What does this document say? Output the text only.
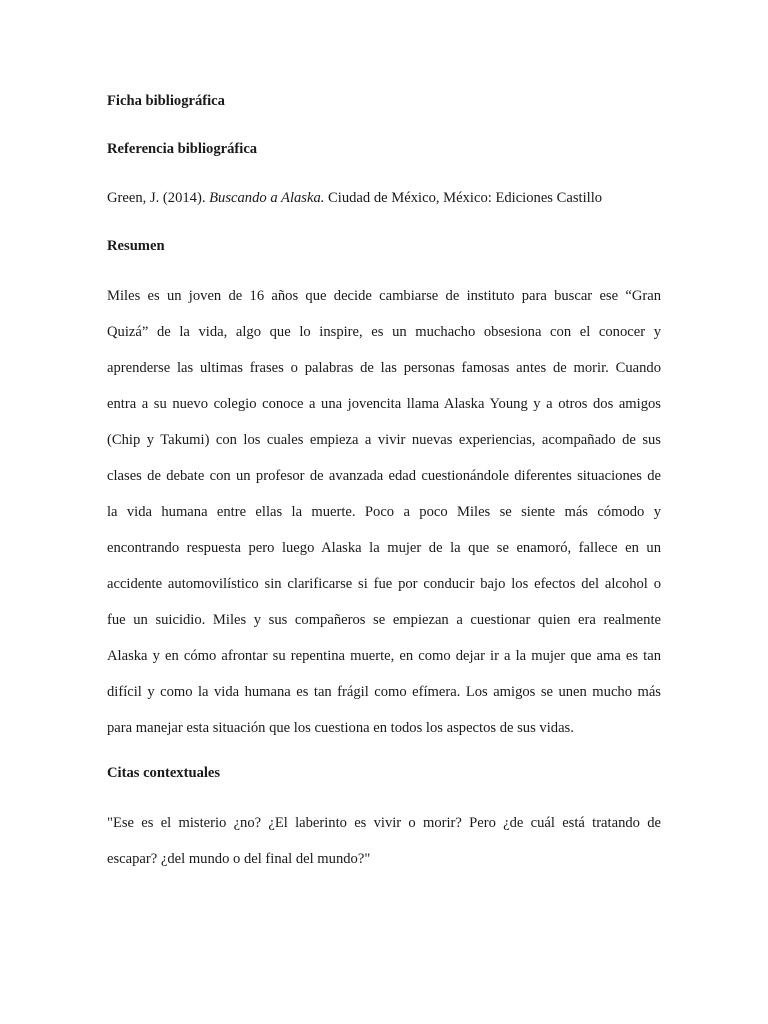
Ficha bibliográfica
Referencia bibliográfica

Green, J. (2014). Buscando a Alaska. Ciudad de México, México: Ediciones Castillo

Resumen
Miles es un joven de 16 años que decide cambiarse de instituto para buscar ese “Gran
Quizá” de la vida, algo que lo inspire, es un muchacho obsesiona con el conocer y
aprenderse las ultimas frases o palabras de las personas famosas antes de morir. Cuando
entra a su nuevo colegio conoce a una jovencita llama Alaska Young y a otros dos amigos
(Chip y Takumi) con los cuales empieza a vivir nuevas experiencias, acompañado de sus
clases de debate con un profesor de avanzada edad cuestionándole diferentes situaciones de
la vida humana entre ellas la muerte. Poco a poco Miles se siente más cómodo y
encontrando respuesta pero luego Alaska la mujer de la que se enamoró, fallece en un
accidente automovilístico sin clarificarse si fue por conducir bajo los efectos del alcohol o
fue un suicidio. Miles y sus compañeros se empiezan a cuestionar quien era realmente
Alaska y en cómo afrontar su repentina muerte, en como dejar ir a la mujer que ama es tan
difícil y como la vida humana es tan frágil como efímera. Los amigos se unen mucho más
para manejar esta situación que los cuestiona en todos los aspectos de sus vidas.
Citas contextuales
"Ese es el misterio ¿no? ¿El laberinto es vivir o morir? Pero ¿de cuál está tratando de
escapar? ¿del mundo o del final del mundo?"
